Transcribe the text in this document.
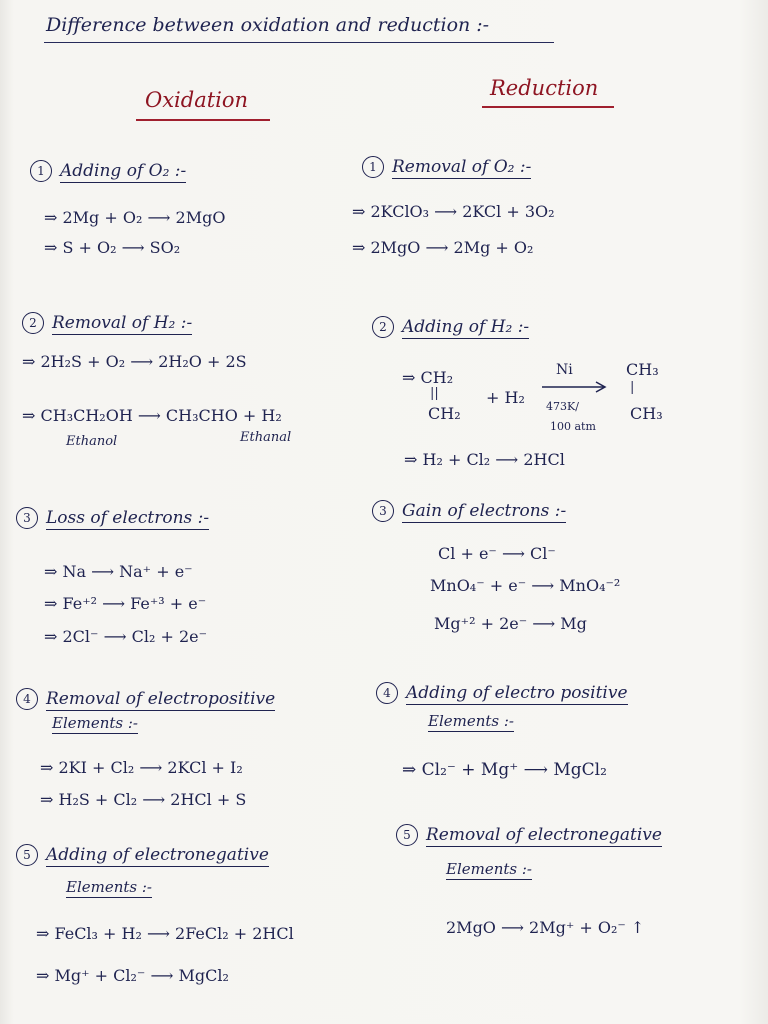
Difference between oxidation and reduction :-
Oxidation	Reduction
1 Adding of O₂ :-
⇒ 2Mg + O₂ ⟶ 2MgO
⇒ S + O₂ ⟶ SO₂
2 Removal of H₂ :-
⇒ 2H₂S + O₂ ⟶ 2H₂O + 2S
⇒ CH₃CH₂OH ⟶ CH₃CHO + H₂
Ethanol	Ethanal
3 Loss of electrons :-
⇒ Na ⟶ Na⁺ + e⁻
⇒ Fe⁺² ⟶ Fe⁺³ + e⁻
⇒ 2Cl⁻ ⟶ Cl₂ + 2e⁻
4 Removal of electropositive
Elements :-
⇒ 2KI + Cl₂ ⟶ 2KCl + I₂
⇒ H₂S + Cl₂ ⟶ 2HCl + S
5 Adding of electronegative
Elements :-
⇒ FeCl₃ + H₂ ⟶ 2FeCl₂ + 2HCl
⇒ Mg⁺ + Cl₂⁻ ⟶ MgCl₂
1 Removal of O₂ :-
⇒ 2KClO₃ ⟶ 2KCl + 3O₂
⇒ 2MgO ⟶ 2Mg + O₂
2 Adding of H₂ :-
⇒ CH₂
||
CH₂
+ H₂
Ni
473K/
100 atm
CH₃
|
CH₃
⇒ H₂ + Cl₂ ⟶ 2HCl
3 Gain of electrons :-
Cl + e⁻ ⟶ Cl⁻
MnO₄⁻ + e⁻ ⟶ MnO₄⁻²
Mg⁺² + 2e⁻ ⟶ Mg
4 Adding of electro positive
Elements :-
⇒ Cl₂⁻ + Mg⁺ ⟶ MgCl₂
5 Removal of electronegative
Elements :-
2MgO ⟶ 2Mg⁺ + O₂⁻ ↑
